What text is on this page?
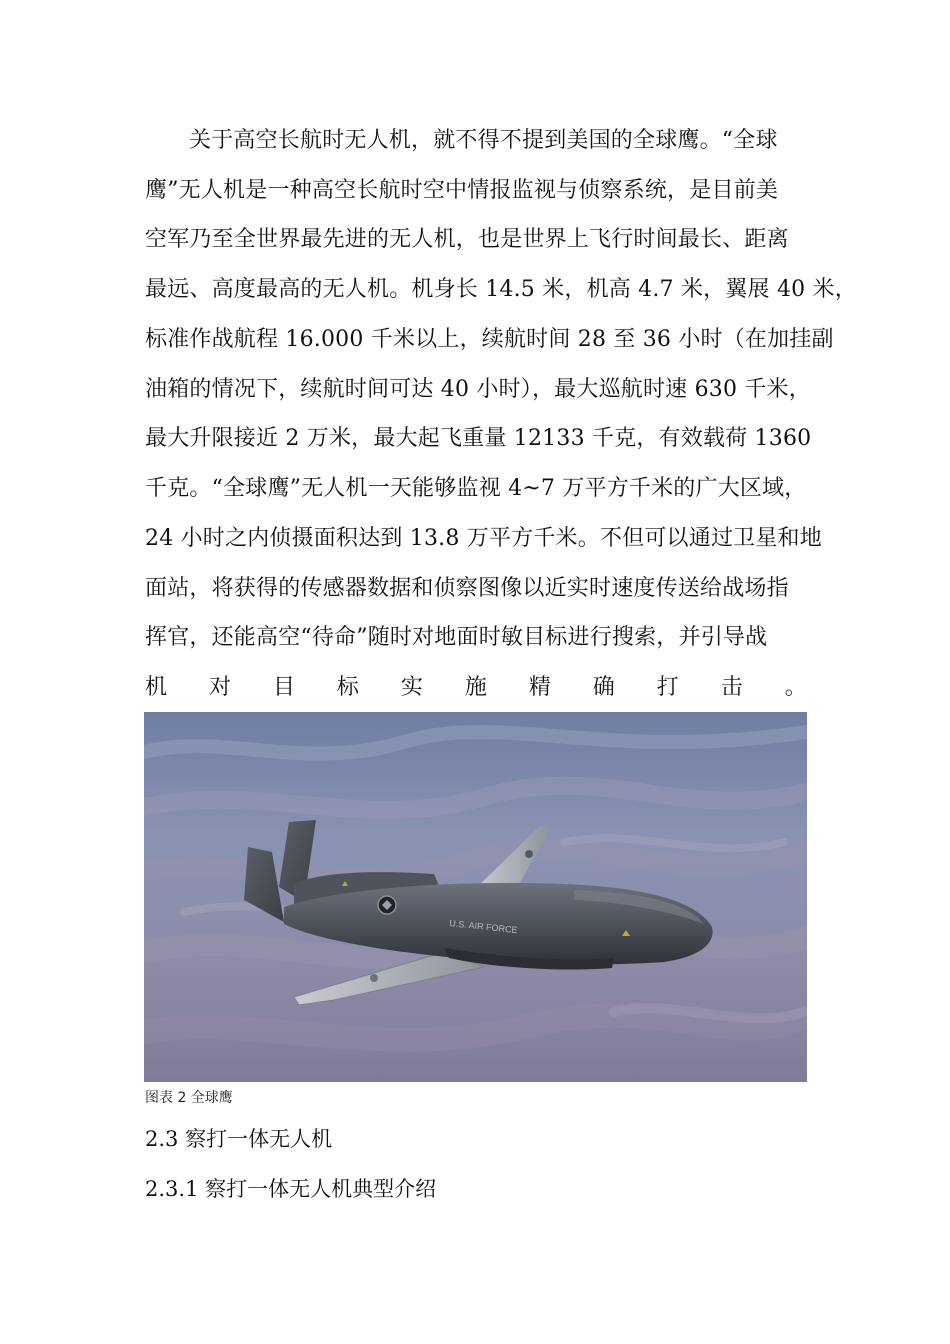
关于高空长航时无人机，就不得不提到美国的全球鹰。“全球
鹰”无人机是一种高空长航时空中情报监视与侦察系统，是目前美
空军乃至全世界最先进的无人机，也是世界上飞行时间最长、距离
最远、高度最高的无人机。机身长 14.5 米，机高 4.7 米，翼展 40 米，
标准作战航程 16.000 千米以上，续航时间 28 至 36 小时（在加挂副
油箱的情况下，续航时间可达 40 小时），最大巡航时速 630 千米，
最大升限接近 2 万米，最大起飞重量 12133 千克，有效载荷 1360
千克。“全球鹰”无人机一天能够监视 4~7 万平方千米的广大区域，
24 小时之内侦摄面积达到 13.8 万平方千米。不但可以通过卫星和地
面站，将获得的传感器数据和侦察图像以近实时速度传送给战场指
挥官，还能高空“待命”随时对地面时敏目标进行搜索，并引导战
机 对 目 标 实 施 精 确 打 击 。
U.S. AIR FORCE
图表 2 全球鹰
2.3 察打一体无人机
2.3.1 察打一体无人机典型介绍
